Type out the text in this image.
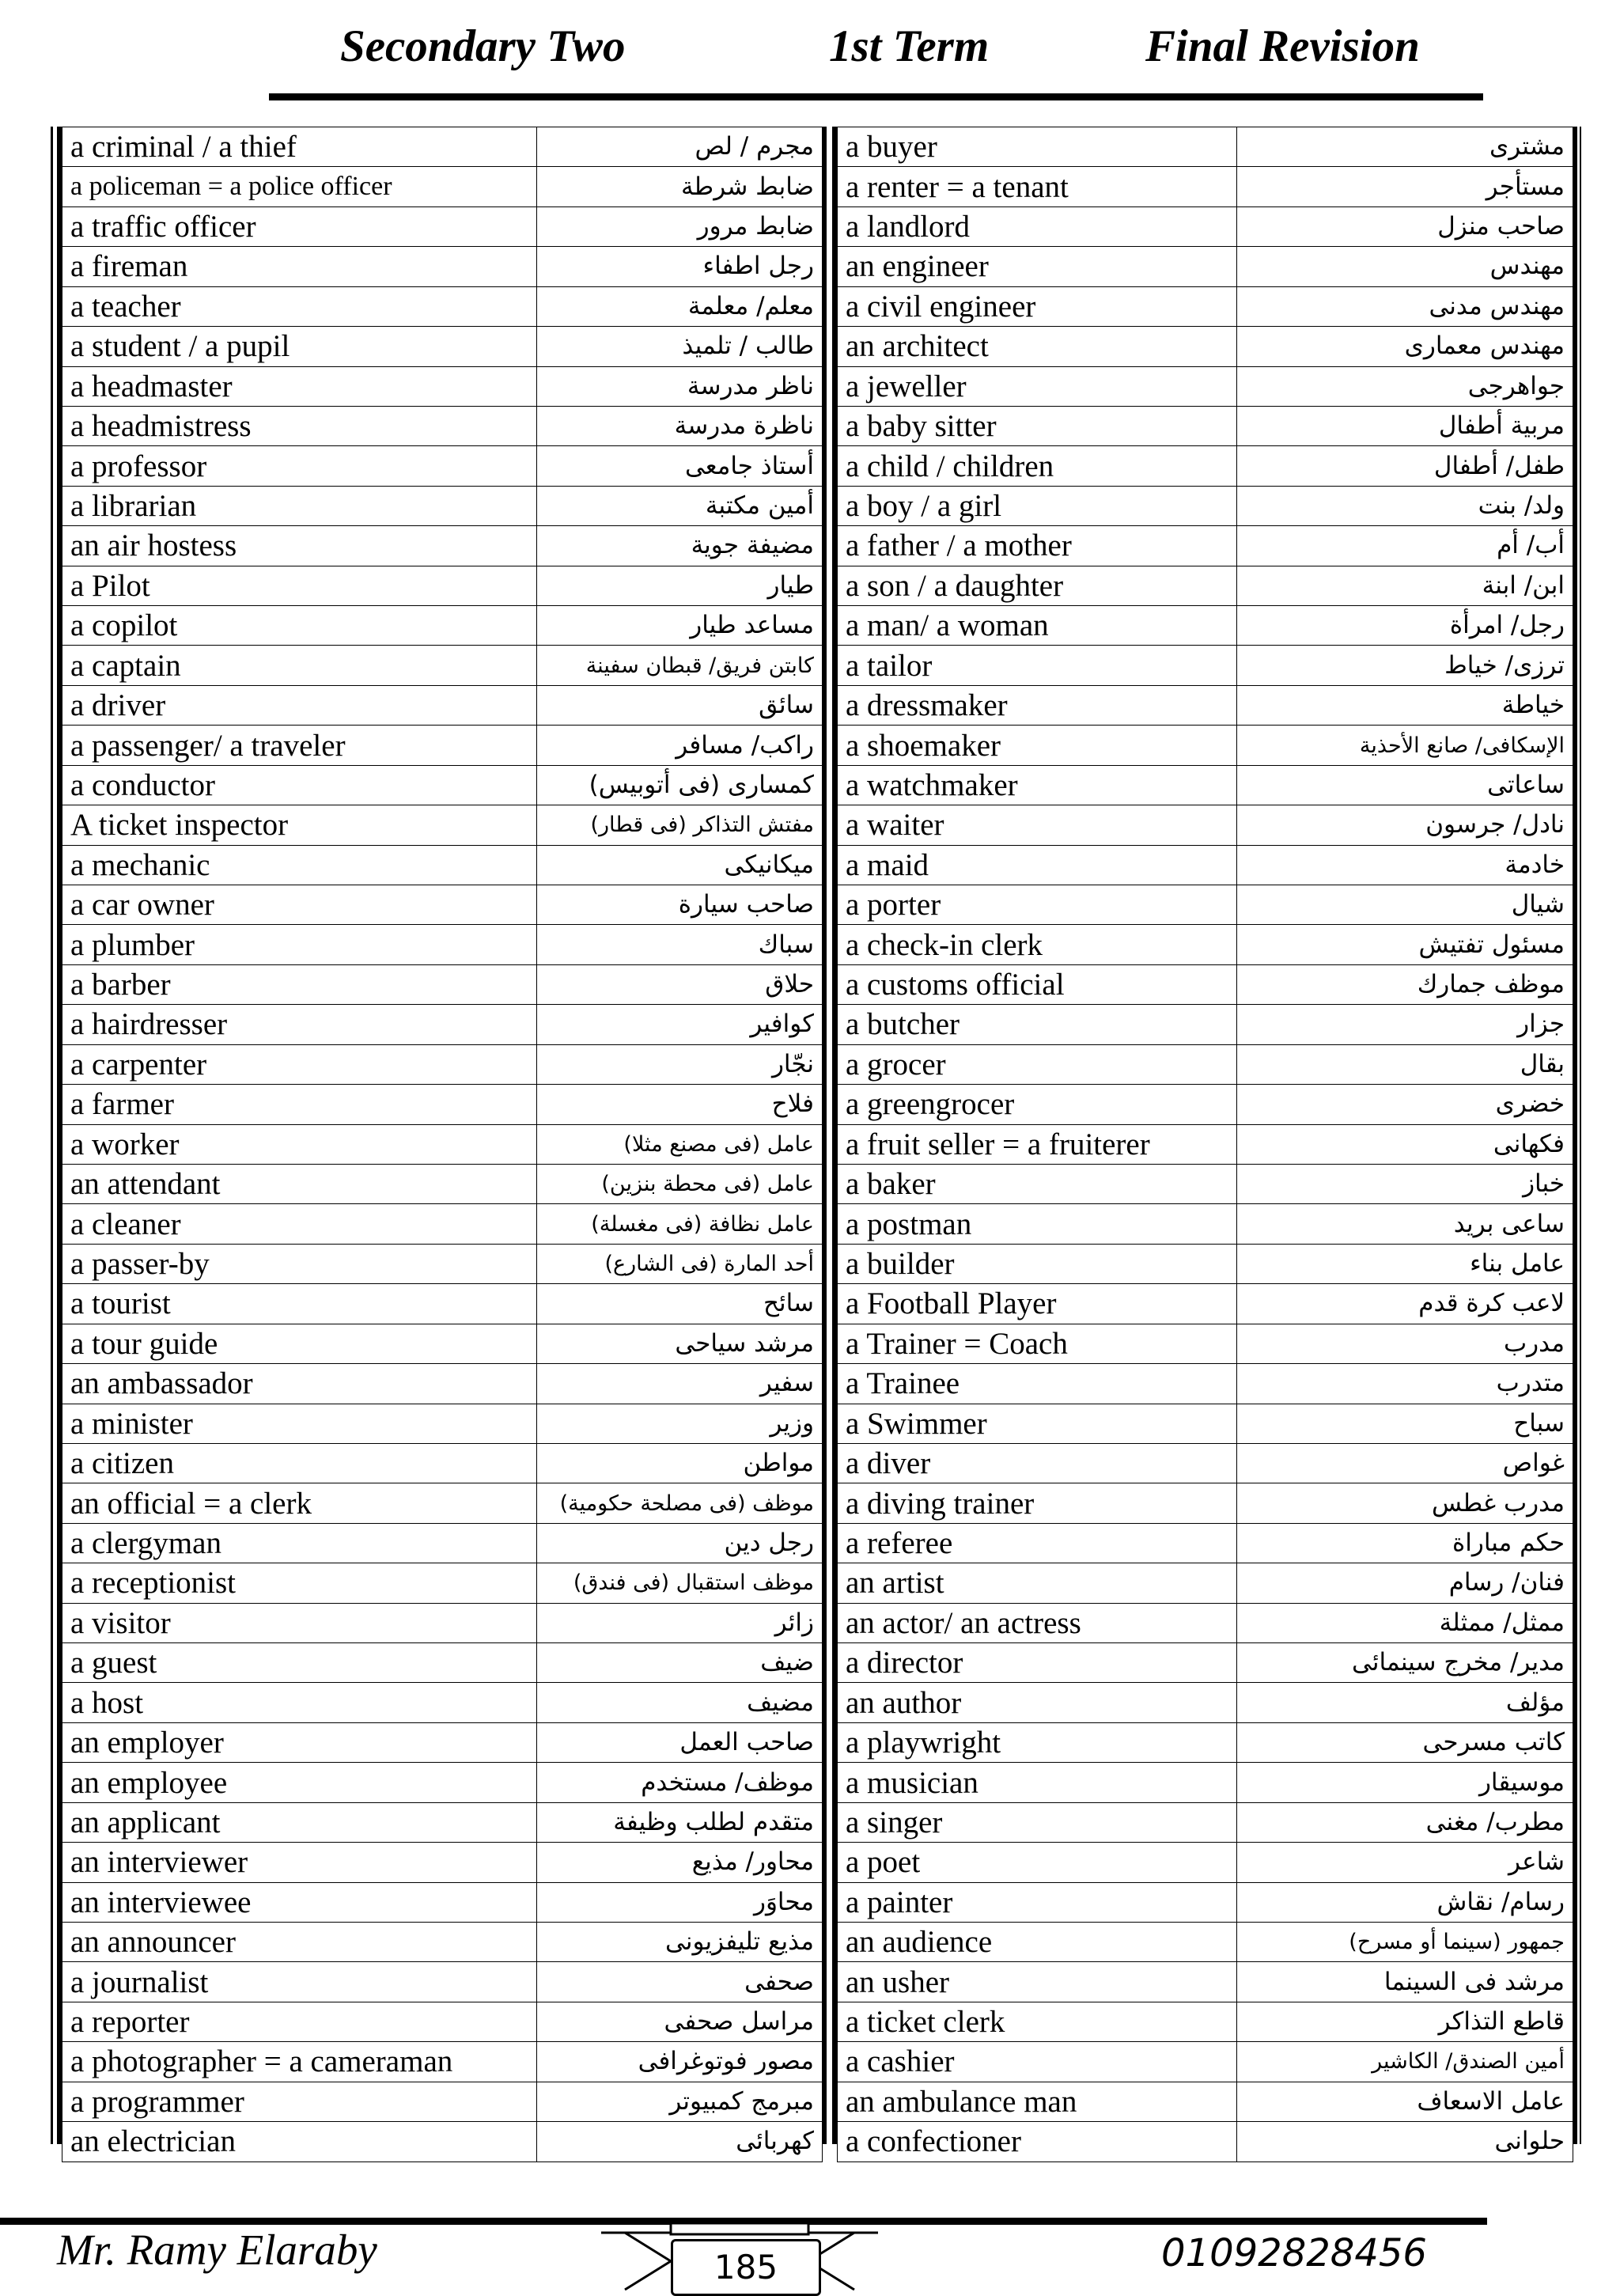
Secondary Two	1st Term	Final Revision
a criminal / a thief	مجرم / لص
a policeman = a police officer	ضابط شرطة
a traffic officer	ضابط مرور
a fireman	رجل اطفاء
a teacher	معلم/ معلمة
a student / a pupil	طالب / تلميذ
a headmaster	ناظر مدرسة
a headmistress	ناظرة مدرسة
a professor	أستاذ جامعى
a librarian	أمين مكتبة
an air hostess	مضيفة جوية
a Pilot	طيار
a copilot	مساعد طيار
a captain	كابتن فريق/ قبطان سفينة
a driver	سائق
a passenger/ a traveler	راكب/ مسافر
a conductor	كمسارى (فى أتوبيس)
A ticket inspector	مفتش التذاكر (فى قطار)
a mechanic	ميكانيكى
a car owner	صاحب سيارة
a plumber	سباك
a barber	حلاق
a hairdresser	كوافير
a carpenter	نجّار
a farmer	فلاح
a worker	عامل (فى مصنع مثلا)
an attendant	عامل (فى محطة بنزين)
a cleaner	عامل نظافة (فى مغسلة)
a passer-by	أحد المارة (فى الشارع)
a tourist	سائح
a tour guide	مرشد سياحى
an ambassador	سفير
a minister	وزير
a citizen	مواطن
an official = a clerk	موظف (فى مصلحة حكومية)
a clergyman	رجل دين
a receptionist	موظف استقبال (فى فندق)
a visitor	زائر
a guest	ضيف
a host	مضيف
an employer	صاحب العمل
an employee	موظف/ مستخدم
an applicant	متقدم لطلب وظيفة
an interviewer	محاور/ مذيع
an interviewee	محاوَر
an announcer	مذيع تليفزيونى
a journalist	صحفى
a reporter	مراسل صحفى
a photographer = a cameraman	مصور فوتوغرافى
a programmer	مبرمج كمبيوتر
an electrician	كهربائى
a buyer	مشترى
a renter = a tenant	مستأجر
a landlord	صاحب منزل
an engineer	مهندس
a civil engineer	مهندس مدنى
an architect	مهندس معمارى
a jeweller	جواهرجى
a baby sitter	مربية أطفال
a child / children	طفل/ أطفال
a boy / a girl	ولد/ بنت
a father / a mother	أب/ أم
a son / a daughter	ابن/ ابنة
a man/ a woman	رجل/ امرأة
a tailor	ترزى/ خياط
a dressmaker	خياطة
a shoemaker	الإسكافى/ صانع الأحذية
a watchmaker	ساعاتى
a waiter	نادل/ جرسون
a maid	خادمة
a porter	شيال
a check-in clerk	مسئول تفتيش
a customs official	موظف جمارك
a butcher	جزار
a grocer	بقال
a greengrocer	خضرى
a fruit seller = a fruiterer	فكهانى
a baker	خباز
a postman	ساعى بريد
a builder	عامل بناء
a Football Player	لاعب كرة قدم
a Trainer = Coach	مدرب
a Trainee	متدرب
a Swimmer	سباح
a diver	غواص
a diving trainer	مدرب غطس
a referee	حكم مباراة
an artist	فنان/ رسام
an actor/ an actress	ممثل/ ممثلة
a director	مدير/ مخرج سينمائى
an author	مؤلف
a playwright	كاتب مسرحى
a musician	موسيقار
a singer	مطرب/ مغنى
a poet	شاعر
a painter	رسام/ نقاش
an audience	جمهور (سينما أو مسرح)
an usher	مرشد فى السينما
a ticket clerk	قاطع التذاكر
a cashier	أمين الصندق/ الكاشير
an ambulance man	عامل الاسعاف
a confectioner	حلوانى
Mr. Ramy Elaraby	185	01092828456
